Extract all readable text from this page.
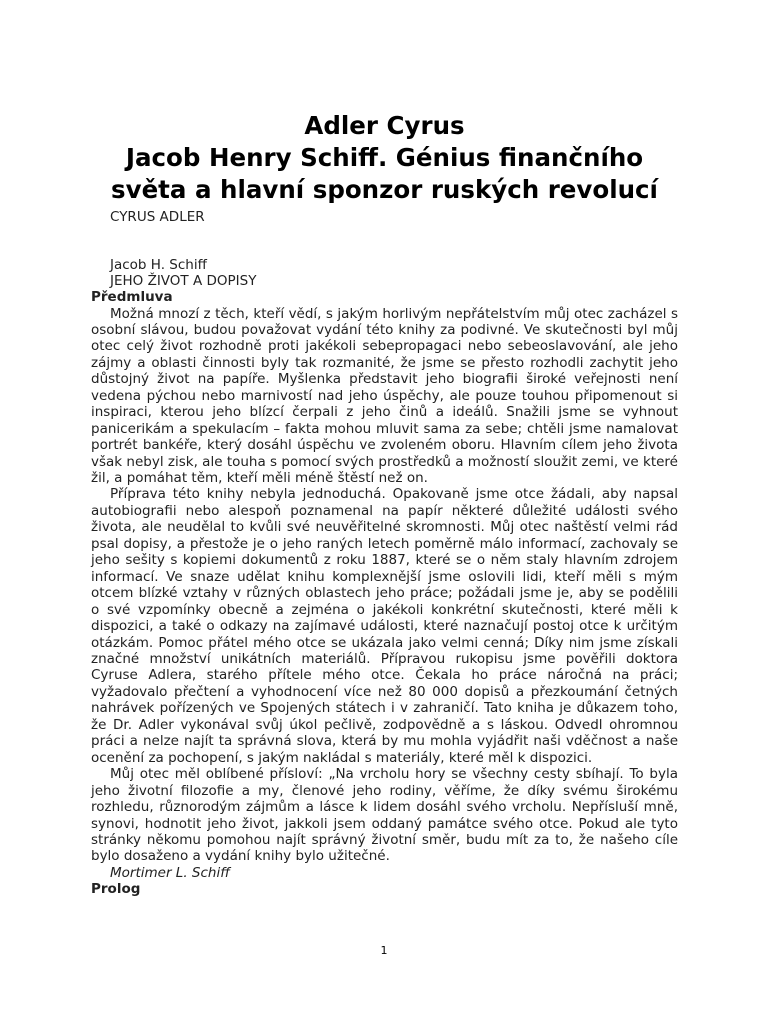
Adler Cyrus
Jacob Henry Schiff. Génius finančního
světa a hlavní sponzor ruských revolucí

CYRUS ADLER

Jacob H. Schiff

JEHO ŽIVOT A DOPISY

Předmluva

Možná mnozí z těch, kteří vědí, s jakým horlivým nepřátelstvím můj otec zacházel s osobní slávou, budou považovat vydání této knihy za podivné. Ve skutečnosti byl můj otec celý život rozhodně proti jakékoli sebepropagaci nebo sebeoslavování, ale jeho zájmy a oblasti činnosti byly tak rozmanité, že jsme se přesto rozhodli zachytit jeho důstojný život na papíře. Myšlenka představit jeho biografii široké veřejnosti není vedena pýchou nebo marnivostí nad jeho úspěchy, ale pouze touhou připomenout si inspiraci, kterou jeho blízcí čerpali z jeho činů a ideálů. Snažili jsme se vyhnout panicerikám a spekulacím – fakta mohou mluvit sama za sebe; chtěli jsme namalovat portrét bankéře, který dosáhl úspěchu ve zvoleném oboru. Hlavním cílem jeho života však nebyl zisk, ale touha s pomocí svých prostředků a možností sloužit zemi, ve které žil, a pomáhat těm, kteří měli méně štěstí než on.

Příprava této knihy nebyla jednoduchá. Opakovaně jsme otce žádali, aby napsal autobiografii nebo alespoň poznamenal na papír některé důležité události svého života, ale neudělal to kvůli své neuvěřitelné skromnosti. Můj otec naštěstí velmi rád psal dopisy, a přestože je o jeho raných letech poměrně málo informací, zachovaly se jeho sešity s kopiemi dokumentů z roku 1887, které se o něm staly hlavním zdrojem informací. Ve snaze udělat knihu komplexnější jsme oslovili lidi, kteří měli s mým otcem blízké vztahy v různých oblastech jeho práce; požádali jsme je, aby se podělili o své vzpomínky obecně a zejména o jakékoli konkrétní skutečnosti, které měli k dispozici, a také o odkazy na zajímavé události, které naznačují postoj otce k určitým otázkám. Pomoc přátel mého otce se ukázala jako velmi cenná; Díky nim jsme získali značné množství unikátních materiálů. Přípravou rukopisu jsme pověřili doktora Cyruse Adlera, starého přítele mého otce. Čekala ho práce náročná na práci; vyžadovalo přečtení a vyhodnocení více než 80 000 dopisů a přezkoumání četných nahrávek pořízených ve Spojených státech i v zahraničí. Tato kniha je důkazem toho, že Dr. Adler vykonával svůj úkol pečlivě, zodpovědně a s láskou. Odvedl ohromnou práci a nelze najít ta správná slova, která by mu mohla vyjádřit naši vděčnost a naše ocenění za pochopení, s jakým nakládal s materiály, které měl k dispozici.

Můj otec měl oblíbené přísloví: „Na vrcholu hory se všechny cesty sbíhají. To byla jeho životní filozofie a my, členové jeho rodiny, věříme, že díky svému širokému rozhledu, různorodým zájmům a lásce k lidem dosáhl svého vrcholu. Nepřísluší mně, synovi, hodnotit jeho život, jakkoli jsem oddaný památce svého otce. Pokud ale tyto stránky někomu pomohou najít správný životní směr, budu mít za to, že našeho cíle bylo dosaženo a vydání knihy bylo užitečné.

Mortimer L. Schiff

Prolog

1
